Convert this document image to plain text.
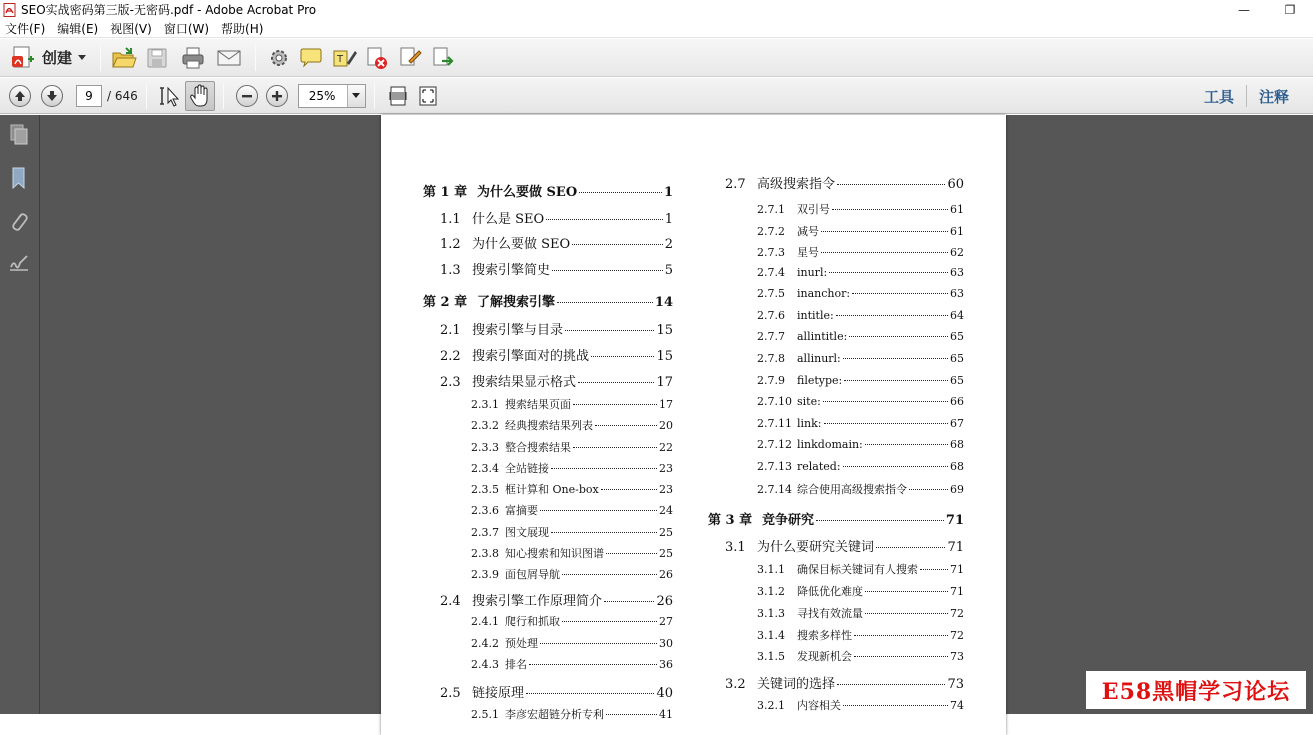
SEO实战密码第三版-无密码.pdf - Adobe Acrobat Pro	—	❐
文件(F)	编辑(E)	视图(V)	窗口(W)	帮助(H)
创建	T
9	/ 646	25%	工具	注释
第 1 章 为什么要做 SEO	1
1.1 什么是 SEO	1
1.2 为什么要做 SEO	2
1.3 搜索引擎简史	5
第 2 章 了解搜索引擎	14
2.1 搜索引擎与目录	15
2.2 搜索引擎面对的挑战	15
2.3 搜索结果显示格式	17
2.3.1 搜索结果页面	17
2.3.2 经典搜索结果列表	20
2.3.3 整合搜索结果	22
2.3.4 全站链接	23
2.3.5 框计算和 One-box	23
2.3.6 富摘要	24
2.3.7 图文展现	25
2.3.8 知心搜索和知识图谱	25
2.3.9 面包屑导航	26
2.4 搜索引擎工作原理简介	26
2.4.1 爬行和抓取	27
2.4.2 预处理	30
2.4.3 排名	36
2.5 链接原理	40
2.5.1 李彦宏超链分析专利	41
2.7 高级搜索指令	60
2.7.1	双引号	61
2.7.2	减号	61
2.7.3	星号	62
2.7.4	inurl:	63
2.7.5	inanchor:	63
2.7.6	intitle:	64
2.7.7	allintitle:	65
2.7.8	allinurl:	65
2.7.9	filetype:	65
2.7.10 site:	66
2.7.11 link:	67
2.7.12 linkdomain:	68
2.7.13 related:	68
2.7.14 综合使用高级搜索指令	69
第 3 章 竞争研究	71
3.1 为什么要研究关键词	71
3.1.1	确保目标关键词有人搜索	71
3.1.2	降低优化难度	71
3.1.3	寻找有效流量	72
3.1.4	搜索多样性	72
3.1.5	发现新机会	73
3.2 关键词的选择	73
3.2.1	内容相关	74
E58黑帽学习论坛
